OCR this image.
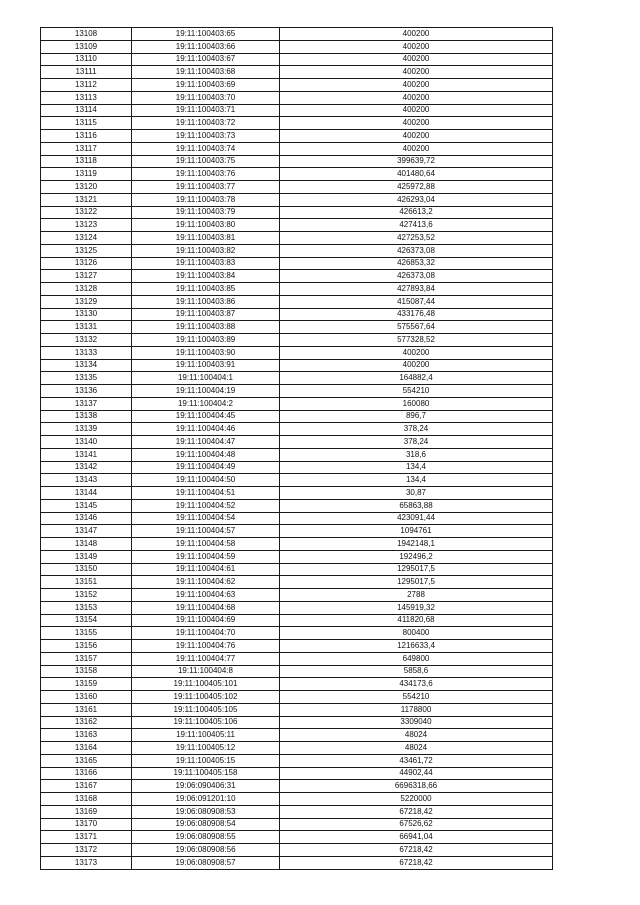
13108	19:11:100403:65	400200
13109	19:11:100403:66	400200
13110	19:11:100403:67	400200
13111	19:11:100403:68	400200
13112	19:11:100403:69	400200
13113	19:11:100403:70	400200
13114	19:11:100403:71	400200
13115	19:11:100403:72	400200
13116	19:11:100403:73	400200
13117	19:11:100403:74	400200
13118	19:11:100403:75	399639,72
13119	19:11:100403:76	401480,64
13120	19:11:100403:77	425972,88
13121	19:11:100403:78	426293,04
13122	19:11:100403:79	426613,2
13123	19:11:100403:80	427413,6
13124	19:11:100403:81	427253,52
13125	19:11:100403:82	426373,08
13126	19:11:100403:83	426853,32
13127	19:11:100403:84	426373,08
13128	19:11:100403:85	427893,84
13129	19:11:100403:86	415087,44
13130	19:11:100403:87	433176,48
13131	19:11:100403:88	575567,64
13132	19:11:100403:89	577328,52
13133	19:11:100403:90	400200
13134	19:11:100403:91	400200
13135	19:11:100404:1	164882,4
13136	19:11:100404:19	554210
13137	19:11:100404:2	160080
13138	19:11:100404:45	896,7
13139	19:11:100404:46	378,24
13140	19:11:100404:47	378,24
13141	19:11:100404:48	318,6
13142	19:11:100404:49	134,4
13143	19:11:100404:50	134,4
13144	19:11:100404:51	30,87
13145	19:11:100404:52	65863,88
13146	19:11:100404:54	423091,44
13147	19:11:100404:57	1094761
13148	19:11:100404:58	1942148,1
13149	19:11:100404:59	192496,2
13150	19:11:100404:61	1295017,5
13151	19:11:100404:62	1295017,5
13152	19:11:100404:63	2788
13153	19:11:100404:68	145919,32
13154	19:11:100404:69	411820,68
13155	19:11:100404:70	800400
13156	19:11:100404:76	1216633,4
13157	19:11:100404:77	649800
13158	19:11:100404:8	5858,6
13159	19:11:100405:101	434173,6
13160	19:11:100405:102	554210
13161	19:11:100405:105	1178800
13162	19:11:100405:106	3309040
13163	19:11:100405:11	48024
13164	19:11:100405:12	48024
13165	19:11:100405:15	43461,72
13166	19:11:100405:158	44902,44
13167	19:06:090406:31	6696318,66
13168	19:06:091201:10	5220000
13169	19:06:080908:53	67218,42
13170	19:06:080908:54	67526,62
13171	19:06:080908:55	66941,04
13172	19:06:080908:56	67218,42
13173	19:06:080908:57	67218,42
